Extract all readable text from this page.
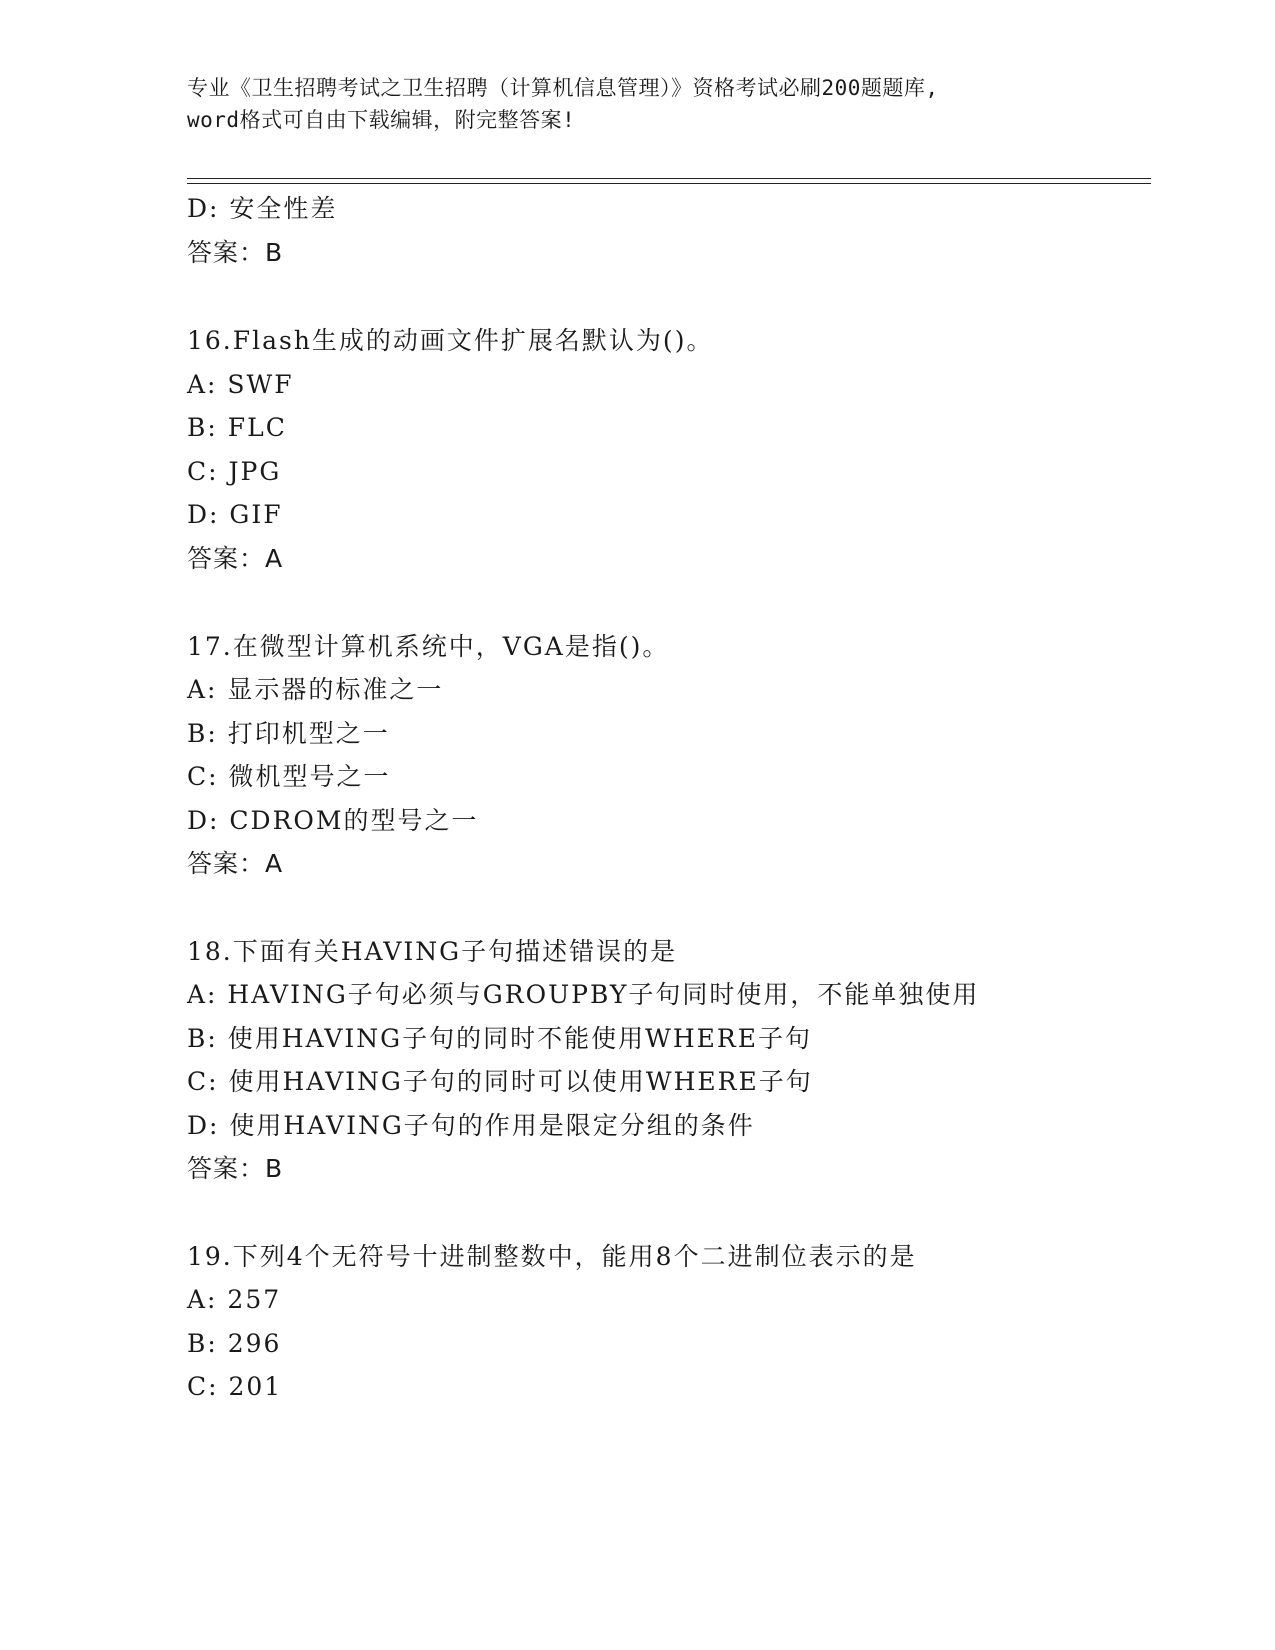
专业《卫生招聘考试之卫生招聘（计算机信息管理）》资格考试必刷200题题库,
word格式可自由下载编辑，附完整答案!
D: 安全性差
答案：B
16.Flash生成的动画文件扩展名默认为()。
A: SWF
B: FLC
C: JPG
D: GIF
答案：A
17.在微型计算机系统中，VGA是指()。
A: 显示器的标准之一
B: 打印机型之一
C: 微机型号之一
D: CDROM的型号之一
答案：A
18.下面有关HAVING子句描述错误的是
A: HAVING子句必须与GROUPBY子句同时使用，不能单独使用
B: 使用HAVING子句的同时不能使用WHERE子句
C: 使用HAVING子句的同时可以使用WHERE子句
D: 使用HAVING子句的作用是限定分组的条件
答案：B
19.下列4个无符号十进制整数中，能用8个二进制位表示的是
A: 257
B: 296
C: 201
